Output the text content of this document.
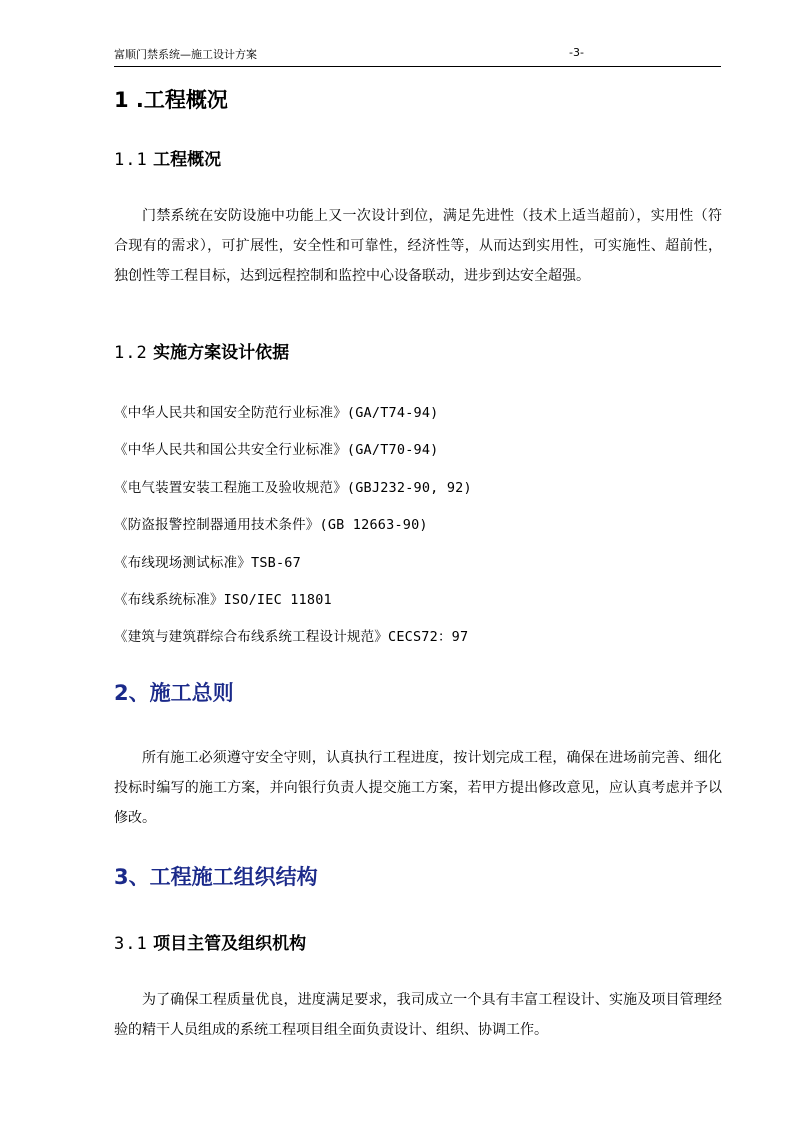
富顺门禁系统—施工设计方案	-3-
1 .工程概况
1.1 工程概况

门禁系统在安防设施中功能上又一次设计到位，满足先进性（技术上适当超前），实用性（符合现有的需求），可扩展性，安全性和可靠性，经济性等，从而达到实用性，可实施性、超前性，独创性等工程目标，达到远程控制和监控中心设备联动，进步到达安全超强。

1.2 实施方案设计依据
《中华人民共和国安全防范行业标准》(GA/T74-94)
《中华人民共和国公共安全行业标准》(GA/T70-94)
《电气装置安装工程施工及验收规范》(GBJ232-90, 92)
《防盗报警控制器通用技术条件》(GB 12663-90)
《布线现场测试标准》TSB-67
《布线系统标准》ISO/IEC 11801
《建筑与建筑群综合布线系统工程设计规范》CECS72：97
2、施工总则

所有施工必须遵守安全守则，认真执行工程进度，按计划完成工程，确保在进场前完善、细化投标时编写的施工方案，并向银行负责人提交施工方案，若甲方提出修改意见，应认真考虑并予以修改。

3、工程施工组织结构
3.1 项目主管及组织机构

为了确保工程质量优良，进度满足要求，我司成立一个具有丰富工程设计、实施及项目管理经验的精干人员组成的系统工程项目组全面负责设计、组织、协调工作。
